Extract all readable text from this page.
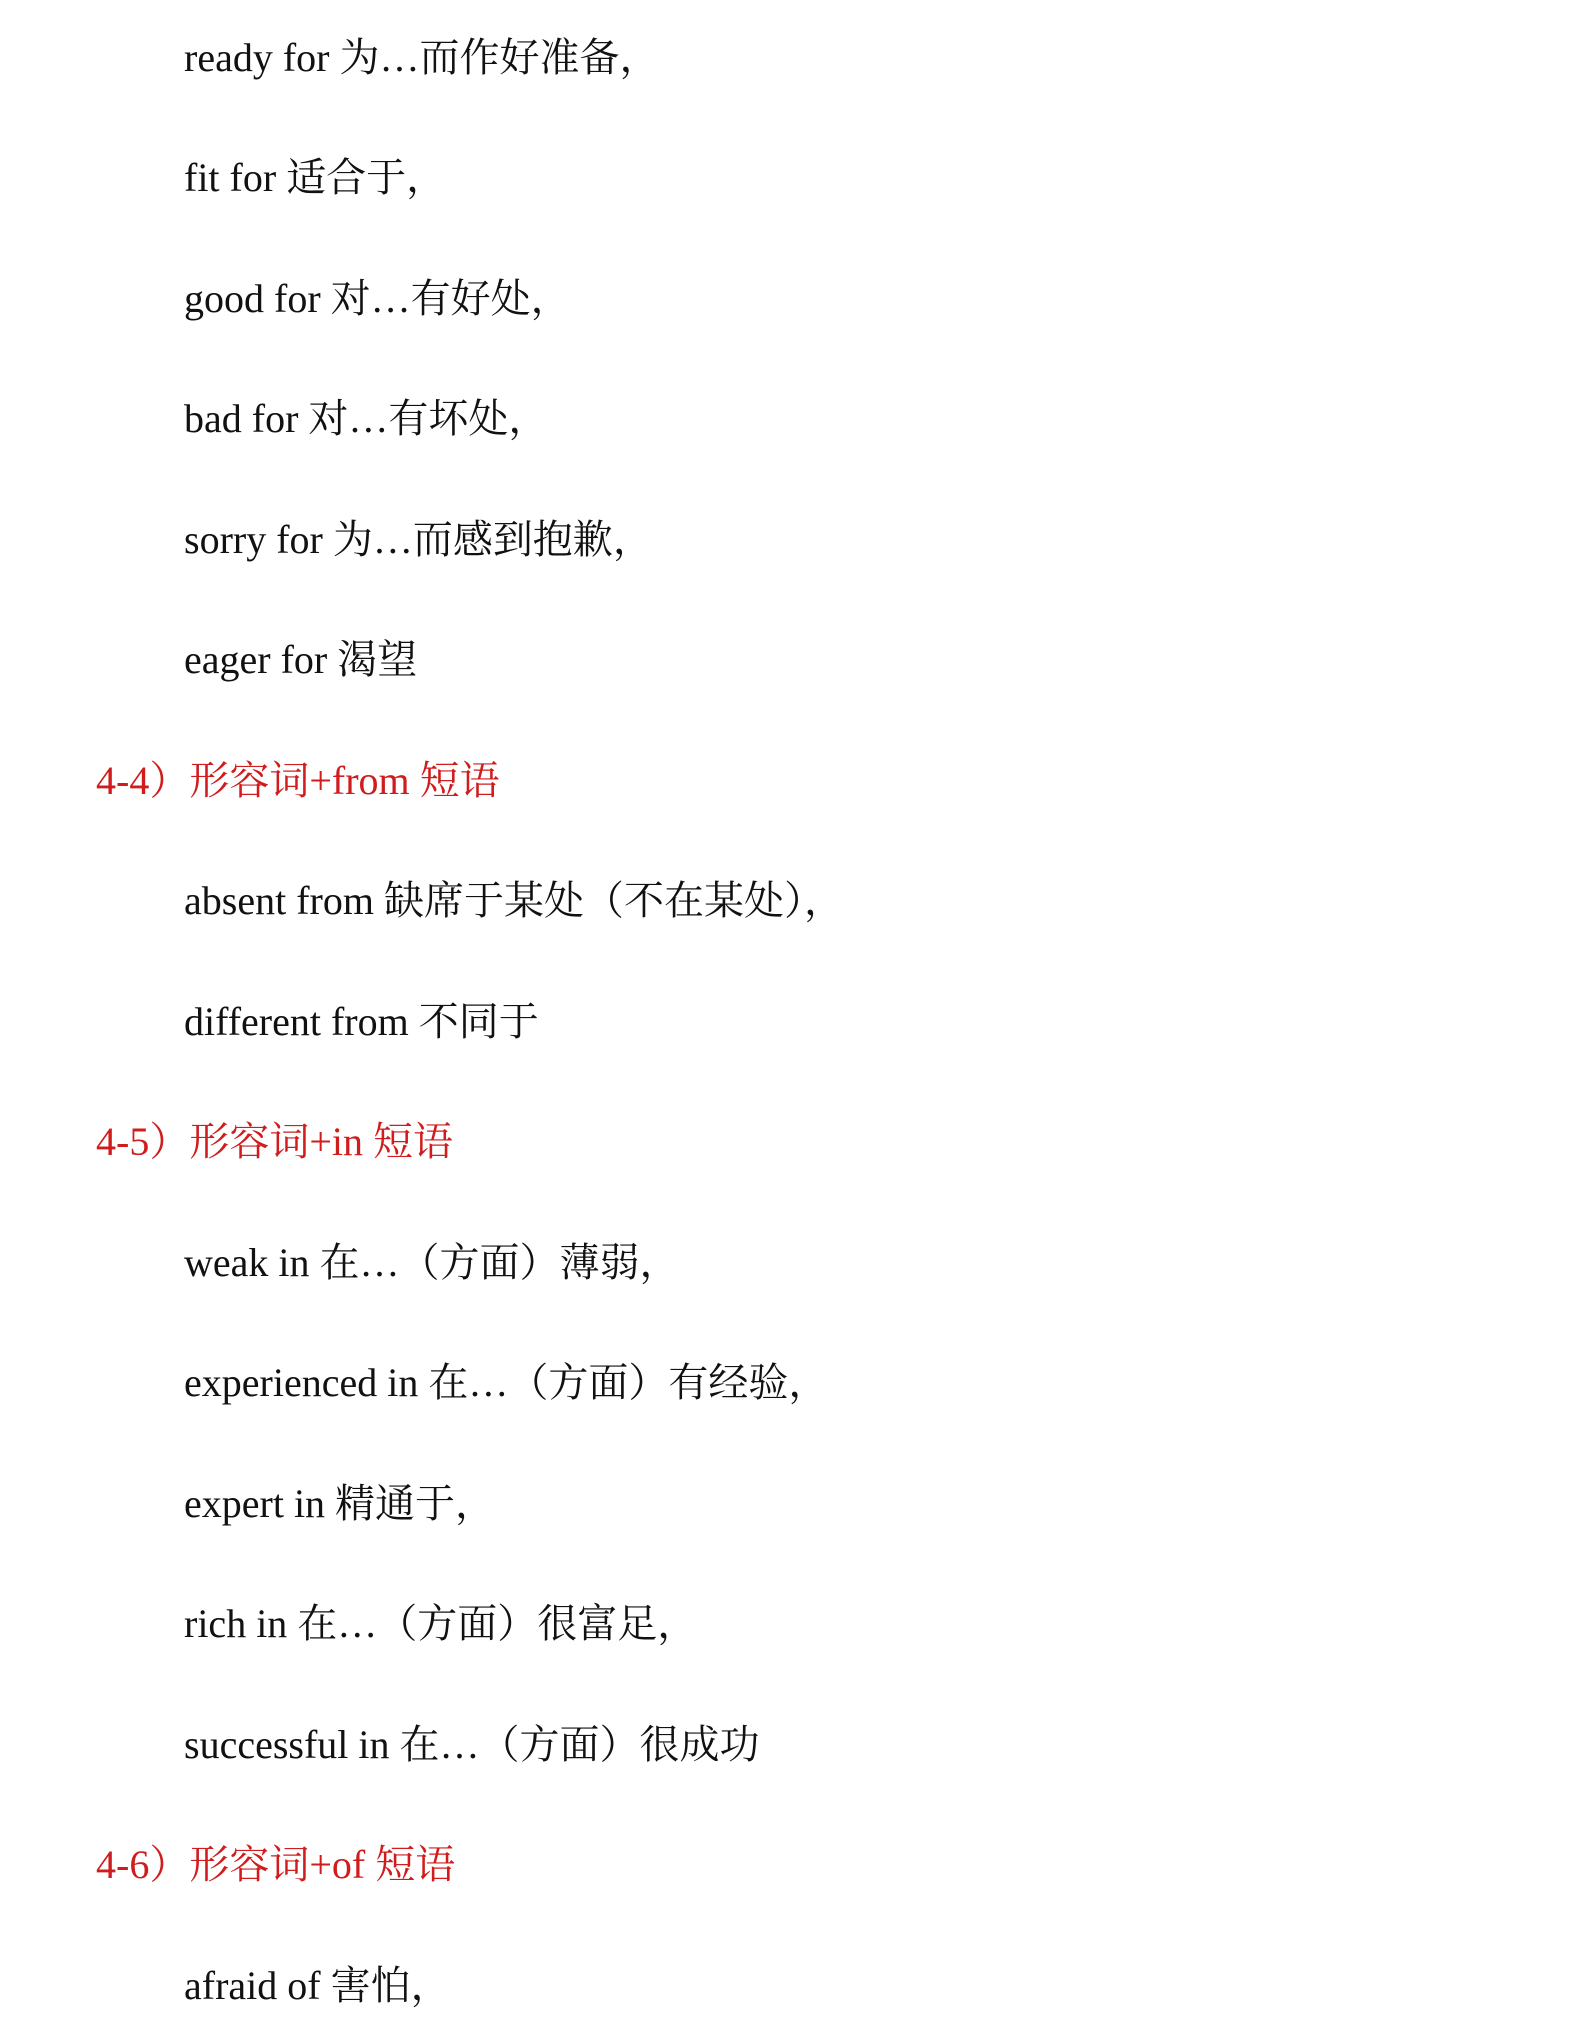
ready for 为…而作好准备，
fit for 适合于，
good for 对…有好处，
bad for 对…有坏处，
sorry for 为…而感到抱歉，
eager for 渴望
4-4）形容词+from 短语
absent from 缺席于某处（不在某处），
different from 不同于
4-5）形容词+in 短语
weak in 在…（方面）薄弱，
experienced in 在…（方面）有经验，
expert in 精通于，
rich in 在…（方面）很富足，
successful in 在…（方面）很成功
4-6）形容词+of 短语
afraid of 害怕，
